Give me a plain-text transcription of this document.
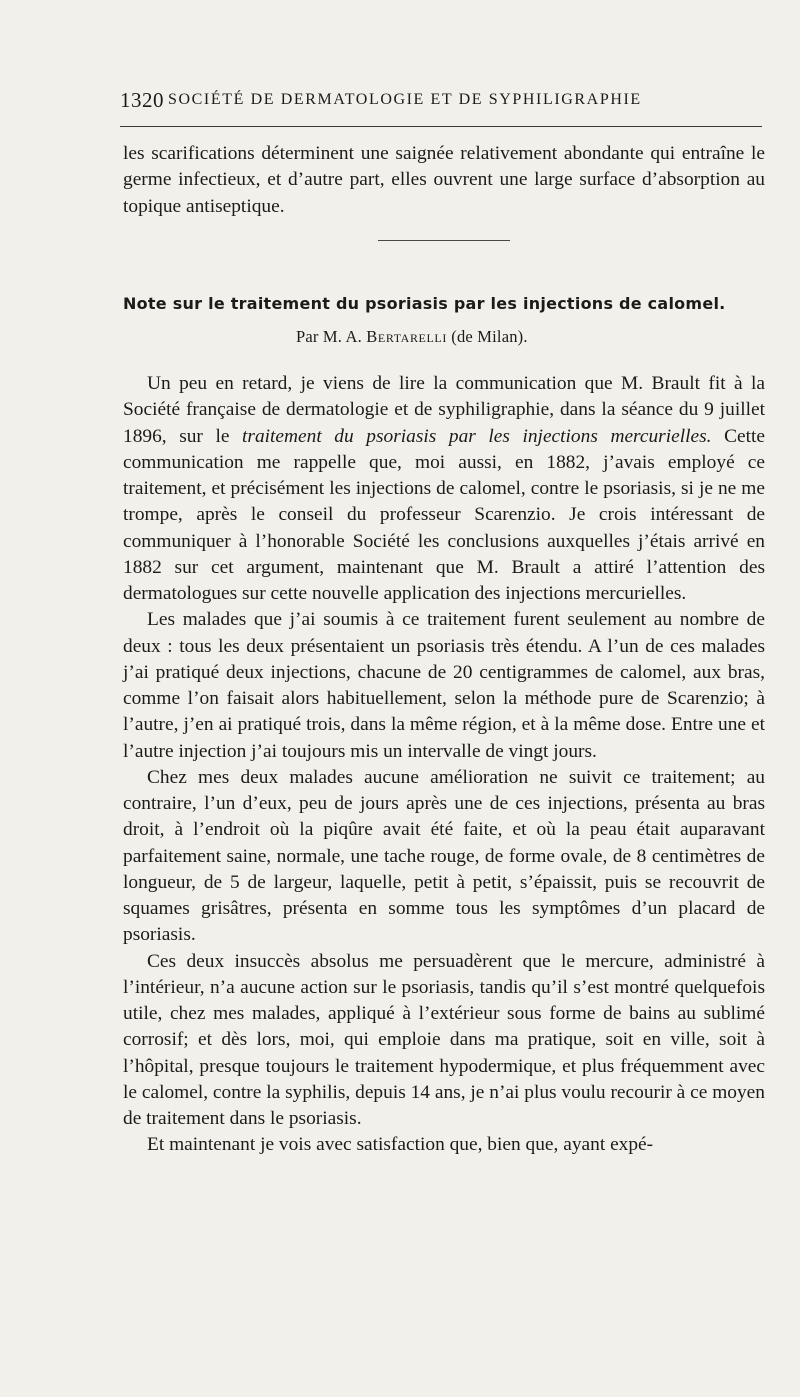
1320 SOCIÉTÉ DE DERMATOLOGIE ET DE SYPHILIGRAPHIE

les scarifications déterminent une saignée relativement abondante qui entraîne le germe infectieux, et d’autre part, elles ouvrent une large surface d’absorption au topique antiseptique.

Note sur le traitement du psoriasis par les injections de calomel.
Par M. A. Bertarelli (de Milan).

Un peu en retard, je viens de lire la communication que M. Brault fit à la Société française de dermatologie et de syphiligraphie, dans la séance du 9 juillet 1896, sur le traitement du psoriasis par les injections mercurielles. Cette communication me rappelle que, moi aussi, en 1882, j’avais employé ce traitement, et précisément les injections de calomel, contre le psoriasis, si je ne me trompe, après le conseil du professeur Scarenzio. Je crois intéressant de communiquer à l’honorable Société les conclusions auxquelles j’étais arrivé en 1882 sur cet argument, maintenant que M. Brault a attiré l’attention des dermatologues sur cette nouvelle application des injections mercurielles.

Les malades que j’ai soumis à ce traitement furent seulement au nombre de deux : tous les deux présentaient un psoriasis très étendu. A l’un de ces malades j’ai pratiqué deux injections, chacune de 20 centigrammes de calomel, aux bras, comme l’on faisait alors habituellement, selon la méthode pure de Scarenzio; à l’autre, j’en ai pratiqué trois, dans la même région, et à la même dose. Entre une et l’autre injection j’ai toujours mis un intervalle de vingt jours.

Chez mes deux malades aucune amélioration ne suivit ce traitement; au contraire, l’un d’eux, peu de jours après une de ces injections, présenta au bras droit, à l’endroit où la piqûre avait été faite, et où la peau était auparavant parfaitement saine, normale, une tache rouge, de forme ovale, de 8 centimètres de longueur, de 5 de largeur, laquelle, petit à petit, s’épaissit, puis se recouvrit de squames grisâtres, présenta en somme tous les symptômes d’un placard de psoriasis.

Ces deux insuccès absolus me persuadèrent que le mercure, administré à l’intérieur, n’a aucune action sur le psoriasis, tandis qu’il s’est montré quelquefois utile, chez mes malades, appliqué à l’extérieur sous forme de bains au sublimé corrosif; et dès lors, moi, qui emploie dans ma pratique, soit en ville, soit à l’hôpital, presque toujours le traitement hypodermique, et plus fréquemment avec le calomel, contre la syphilis, depuis 14 ans, je n’ai plus voulu recourir à ce moyen de traitement dans le psoriasis.

Et maintenant je vois avec satisfaction que, bien que, ayant expé-
